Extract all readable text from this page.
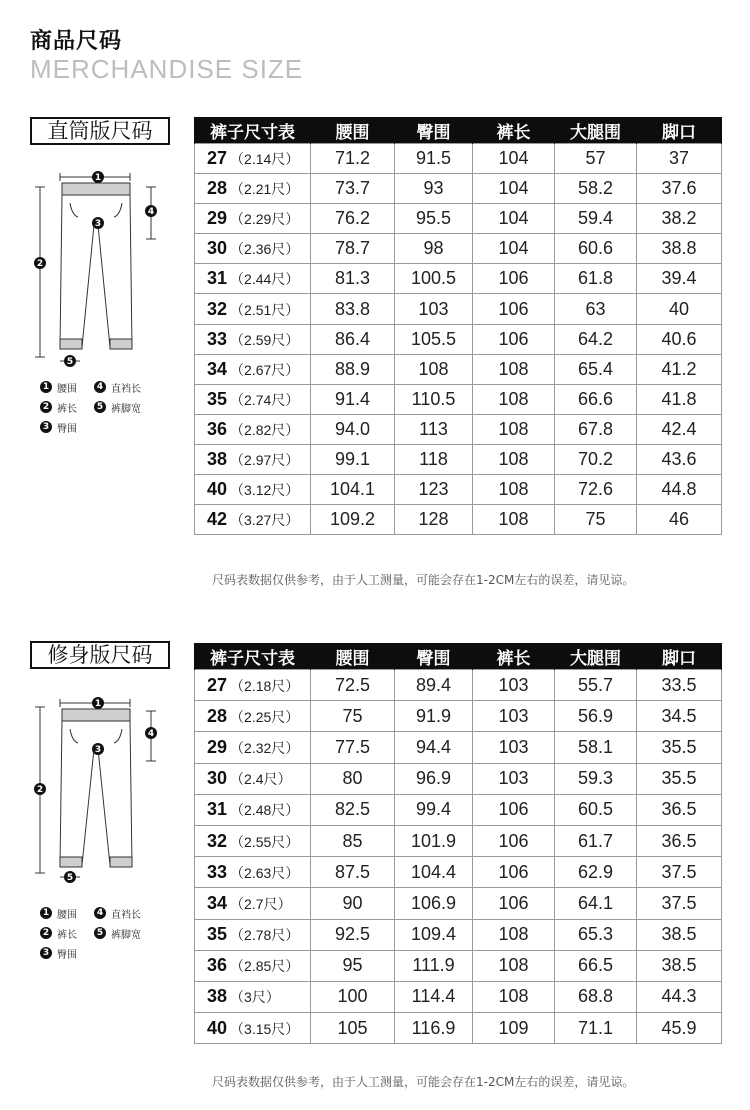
商品尺码
MERCHANDISE SIZE
直筒版尺码
1
2
3
4
5
1 腰围	4 直裆长
2 裤长	5 裤脚宽
3 臀围
裤子尺寸表	腰围	臀围	裤长	大腿围	脚口
27 （2.14尺）	71.2	91.5	104	57	37
28 （2.21尺）	73.7	93	104	58.2	37.6
29 （2.29尺）	76.2	95.5	104	59.4	38.2
30 （2.36尺）	78.7	98	104	60.6	38.8
31 （2.44尺）	81.3	100.5	106	61.8	39.4
32 （2.51尺）	83.8	103	106	63	40
33 （2.59尺）	86.4	105.5	106	64.2	40.6
34 （2.67尺）	88.9	108	108	65.4	41.2
35 （2.74尺）	91.4	110.5	108	66.6	41.8
36 （2.82尺）	94.0	113	108	67.8	42.4
38 （2.97尺）	99.1	118	108	70.2	43.6
40 （3.12尺）	104.1	123	108	72.6	44.8
42 （3.27尺）	109.2	128	108	75	46
尺码表数据仅供参考，由于人工测量，可能会存在1-2CM左右的误差，请见谅。
修身版尺码
1
2
3
4
5
1 腰围	4 直裆长
2 裤长	5 裤脚宽
3 臀围
裤子尺寸表	腰围	臀围	裤长	大腿围	脚口
27 （2.18尺）	72.5	89.4	103	55.7	33.5
28 （2.25尺）	75	91.9	103	56.9	34.5
29 （2.32尺）	77.5	94.4	103	58.1	35.5
30 （2.4尺）	80	96.9	103	59.3	35.5
31 （2.48尺）	82.5	99.4	106	60.5	36.5
32 （2.55尺）	85	101.9	106	61.7	36.5
33 （2.63尺）	87.5	104.4	106	62.9	37.5
34 （2.7尺）	90	106.9	106	64.1	37.5
35 （2.78尺）	92.5	109.4	108	65.3	38.5
36 （2.85尺）	95	111.9	108	66.5	38.5
38 （3尺）	100	114.4	108	68.8	44.3
40 （3.15尺）	105	116.9	109	71.1	45.9
尺码表数据仅供参考，由于人工测量，可能会存在1-2CM左右的误差，请见谅。
